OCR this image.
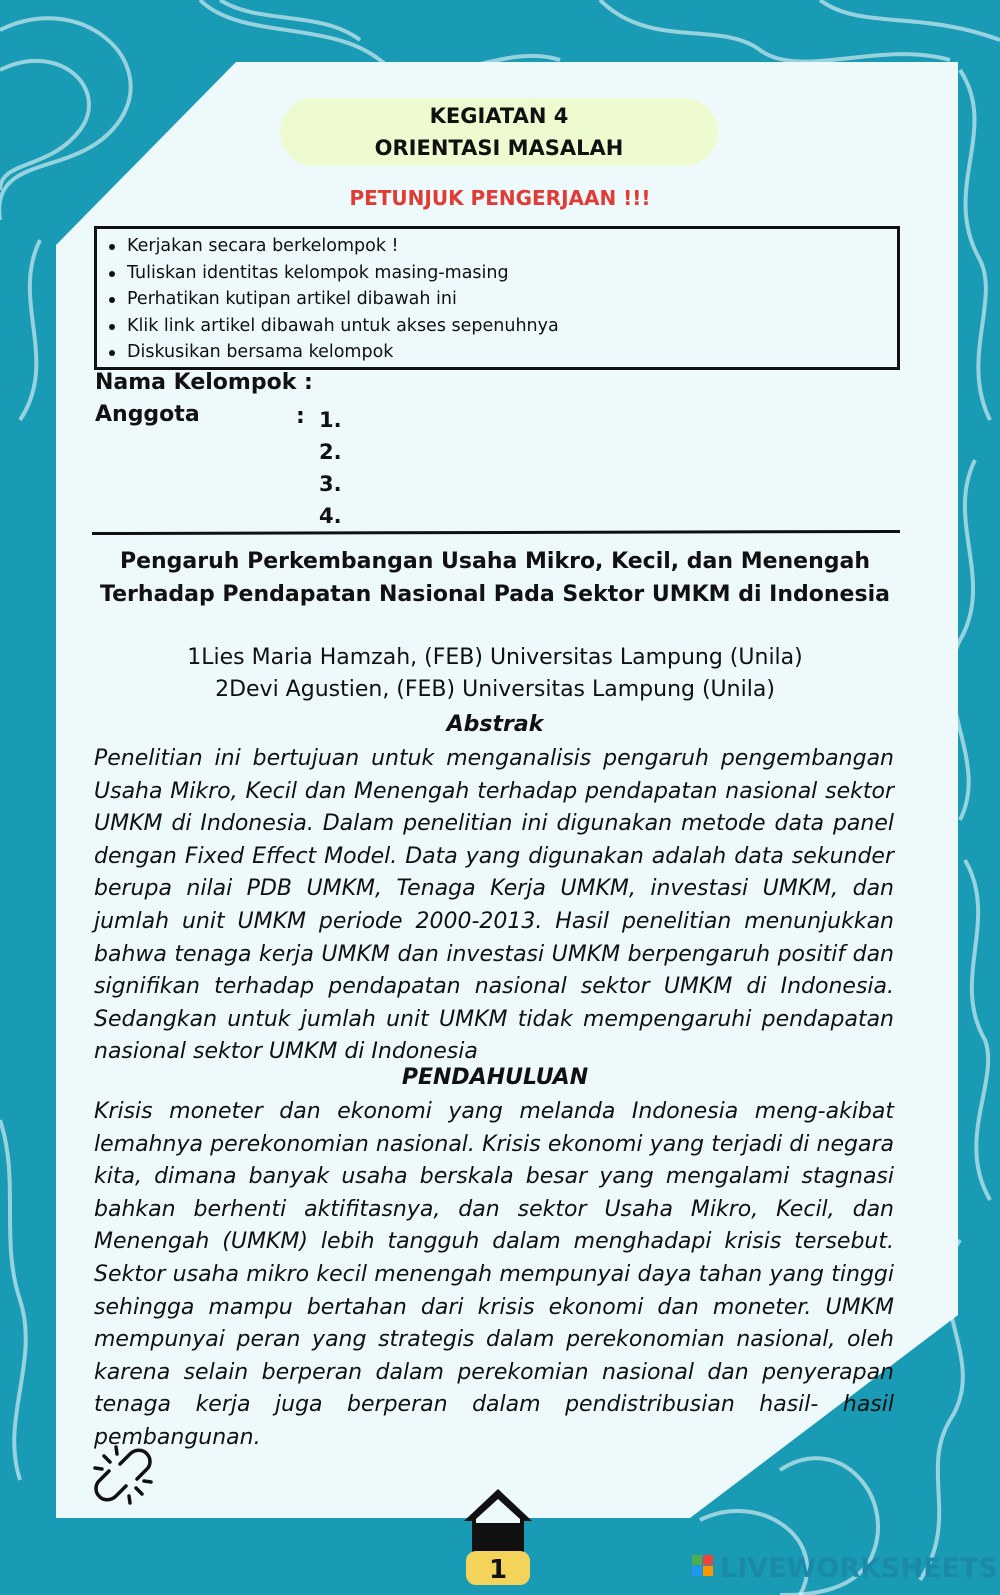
KEGIATAN 4
ORIENTASI MASALAH
PETUNJUK PENGERJAAN !!!
Kerjakan secara berkelompok !
Tuliskan identitas kelompok masing-masing
Perhatikan kutipan artikel dibawah ini
Klik link artikel dibawah untuk akses sepenuhnya
Diskusikan bersama kelompok
Nama Kelompok :
Anggota	: 1.
2.
3.
4.
Pengaruh Perkembangan Usaha Mikro, Kecil, dan Menengah
Terhadap Pendapatan Nasional Pada Sektor UMKM di Indonesia
1Lies Maria Hamzah, (FEB) Universitas Lampung (Unila)
2Devi Agustien, (FEB) Universitas Lampung (Unila)
Abstrak
Penelitian ini bertujuan untuk menganalisis pengaruh pengembangan Usaha Mikro, Kecil dan Menengah terhadap pendapatan nasional sektor UMKM di Indonesia. Dalam penelitian ini digunakan metode data panel dengan Fixed Effect Model. Data yang digunakan adalah data sekunder berupa nilai PDB UMKM, Tenaga Kerja UMKM, investasi UMKM, dan jumlah unit UMKM periode 2000-2013. Hasil penelitian menunjukkan bahwa tenaga kerja UMKM dan investasi UMKM berpengaruh positif dan signifikan terhadap pendapatan nasional sektor UMKM di Indonesia. Sedangkan untuk jumlah unit UMKM tidak mempengaruhi pendapatan nasional sektor UMKM di Indonesia
PENDAHULUAN
Krisis moneter dan ekonomi yang melanda Indonesia meng-akibat lemahnya perekonomian nasional. Krisis ekonomi yang terjadi di negara kita, dimana banyak usaha berskala besar yang mengalami stagnasi bahkan berhenti aktifitasnya, dan sektor Usaha Mikro, Kecil, dan Menengah (UMKM) lebih tangguh dalam menghadapi krisis tersebut. Sektor usaha mikro kecil menengah mempunyai daya tahan yang tinggi sehingga mampu bertahan dari krisis ekonomi dan moneter. UMKM mempunyai peran yang strategis dalam perekonomian nasional, oleh karena selain berperan dalam perekomian nasional dan penyerapan tenaga kerja juga berperan dalam pendistribusian hasil- hasil pembangunan.
1	LIVEWORKSHEETS
